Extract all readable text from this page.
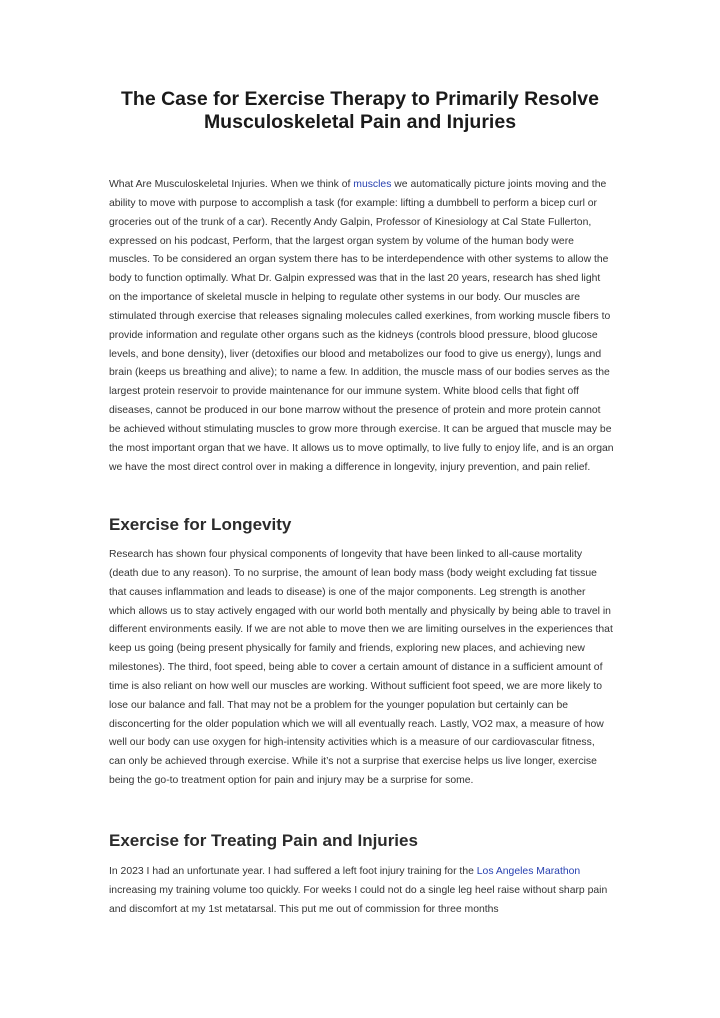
The Case for Exercise Therapy to Primarily Resolve Musculoskeletal Pain and Injuries

What Are Musculoskeletal Injuries. When we think of muscles we automatically picture joints moving and the ability to move with purpose to accomplish a task (for example: lifting a dumbbell to perform a bicep curl or groceries out of the trunk of a car). Recently Andy Galpin, Professor of Kinesiology at Cal State Fullerton, expressed on his podcast, Perform, that the largest organ system by volume of the human body were muscles. To be considered an organ system there has to be interdependence with other systems to allow the body to function optimally. What Dr. Galpin expressed was that in the last 20 years, research has shed light on the importance of skeletal muscle in helping to regulate other systems in our body. Our muscles are stimulated through exercise that releases signaling molecules called exerkines, from working muscle fibers to provide information and regulate other organs such as the kidneys (controls blood pressure, blood glucose levels, and bone density), liver (detoxifies our blood and metabolizes our food to give us energy), lungs and brain (keeps us breathing and alive); to name a few. In addition, the muscle mass of our bodies serves as the largest protein reservoir to provide maintenance for our immune system. White blood cells that fight off diseases, cannot be produced in our bone marrow without the presence of protein and more protein cannot be achieved without stimulating muscles to grow more through exercise. It can be argued that muscle may be the most important organ that we have. It allows us to move optimally, to live fully to enjoy life, and is an organ we have the most direct control over in making a difference in longevity, injury prevention, and pain relief.

Exercise for Longevity

Research has shown four physical components of longevity that have been linked to all-cause mortality (death due to any reason). To no surprise, the amount of lean body mass (body weight excluding fat tissue that causes inflammation and leads to disease) is one of the major components. Leg strength is another which allows us to stay actively engaged with our world both mentally and physically by being able to travel in different environments easily. If we are not able to move then we are limiting ourselves in the experiences that keep us going (being present physically for family and friends, exploring new places, and achieving new milestones). The third, foot speed, being able to cover a certain amount of distance in a sufficient amount of time is also reliant on how well our muscles are working. Without sufficient foot speed, we are more likely to lose our balance and fall. That may not be a problem for the younger population but certainly can be disconcerting for the older population which we will all eventually reach. Lastly, VO2 max, a measure of how well our body can use oxygen for high-intensity activities which is a measure of our cardiovascular fitness, can only be achieved through exercise. While it’s not a surprise that exercise helps us live longer, exercise being the go-to treatment option for pain and injury may be a surprise for some.

Exercise for Treating Pain and Injuries

In 2023 I had an unfortunate year. I had suffered a left foot injury training for the Los Angeles Marathon increasing my training volume too quickly. For weeks I could not do a single leg heel raise without sharp pain and discomfort at my 1st metatarsal. This put me out of commission for three months
